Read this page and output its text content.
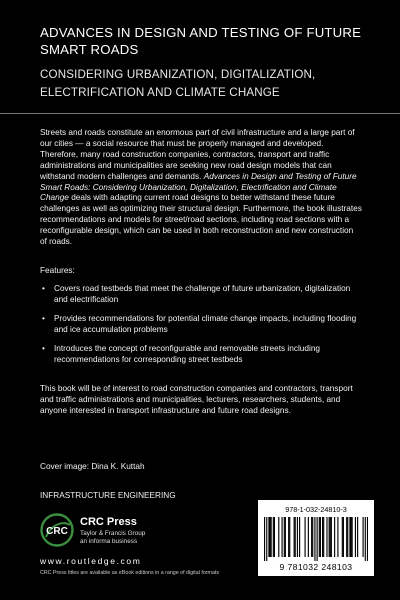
ADVANCES IN DESIGN AND TESTING OF FUTURE SMART ROADS
CONSIDERING URBANIZATION, DIGITALIZATION, ELECTRIFICATION AND CLIMATE CHANGE
Streets and roads constitute an enormous part of civil infrastructure and a large part of our cities — a social resource that must be properly managed and developed. Therefore, many road construction companies, contractors, transport and traffic administrations and municipalities are seeking new road design models that can withstand modern challenges and demands. Advances in Design and Testing of Future Smart Roads: Considering Urbanization, Digitalization, Electrification and Climate Change deals with adapting current road designs to better withstand these future challenges as well as optimizing their structural design. Furthermore, the book illustrates recommendations and models for street/road sections, including road sections with a reconfigurable design, which can be used in both reconstruction and new construction of roads.
Features:
• Covers road testbeds that meet the challenge of future urbanization, digitalization and electrification
• Provides recommendations for potential climate change impacts, including flooding and ice accumulation problems
• Introduces the concept of reconfigurable and removable streets including recommendations for corresponding street testbeds
This book will be of interest to road construction companies and contractors, transport and traffic administrations and municipalities, lecturers, researchers, students, and anyone interested in transport infrastructure and future road designs.
Cover image: Dina K. Kuttah
INFRASTRUCTURE ENGINEERING
CRC
CRC Press
Taylor & Francis Group
an informa business
www.routledge.com
CRC Press titles are available as eBook editions in a range of digital formats
978-1-032-24810-3
9 781032 248103
